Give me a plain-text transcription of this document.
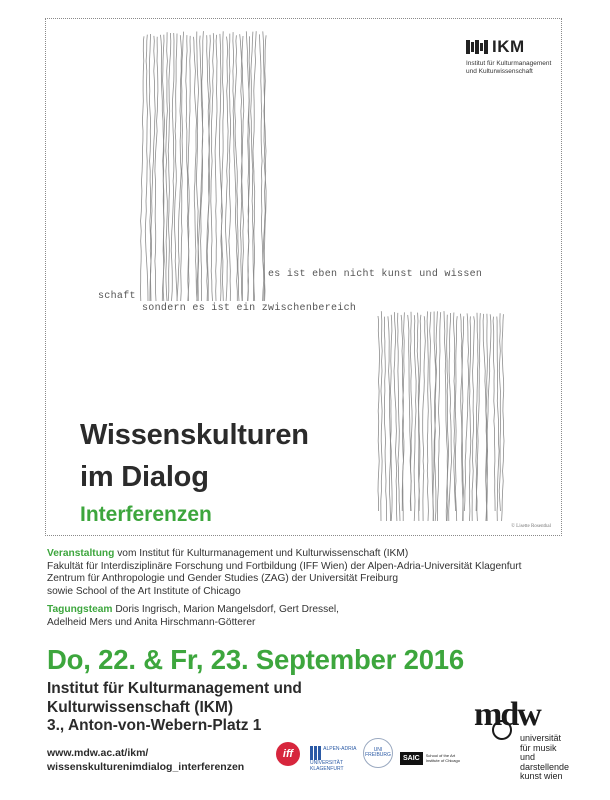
IKM
Institut für Kulturmanagement
und Kulturwissenschaft
es ist eben nicht kunst und wissen
schaft
sondern es ist ein zwischenbereich
Wissenskulturen
im Dialog
Interferenzen
© Lisette Rosenthal

Veranstaltung vom Institut für Kulturmanagement und Kulturwissenschaft (IKM)

Fakultät für Interdisziplinäre Forschung und Fortbildung (IFF Wien) der Alpen-Adria-Universität Klagenfurt

Zentrum für Anthropologie und Gender Studies (ZAG) der Universität Freiburg

sowie School of the Art Institute of Chicago

Tagungsteam Doris Ingrisch, Marion Mangelsdorf, Gert Dressel,

Adelheid Mers und Anita Hirschmann-Götterer

Do, 22. & Fr, 23. September 2016
Institut für Kulturmanagement und
Kulturwissenschaft (IKM)
3., Anton-von-Webern-Platz 1
www.mdw.ac.at/ikm/
wissenskulturenimdialog_interferenzen
iff	ALPEN-ADRIA UNIVERSITÄT KLAGENFURT
UNI FREIBURG	SAIC	School of the Art Institute of Chicago
mdw
universität
für musik und
darstellende
kunst wien
